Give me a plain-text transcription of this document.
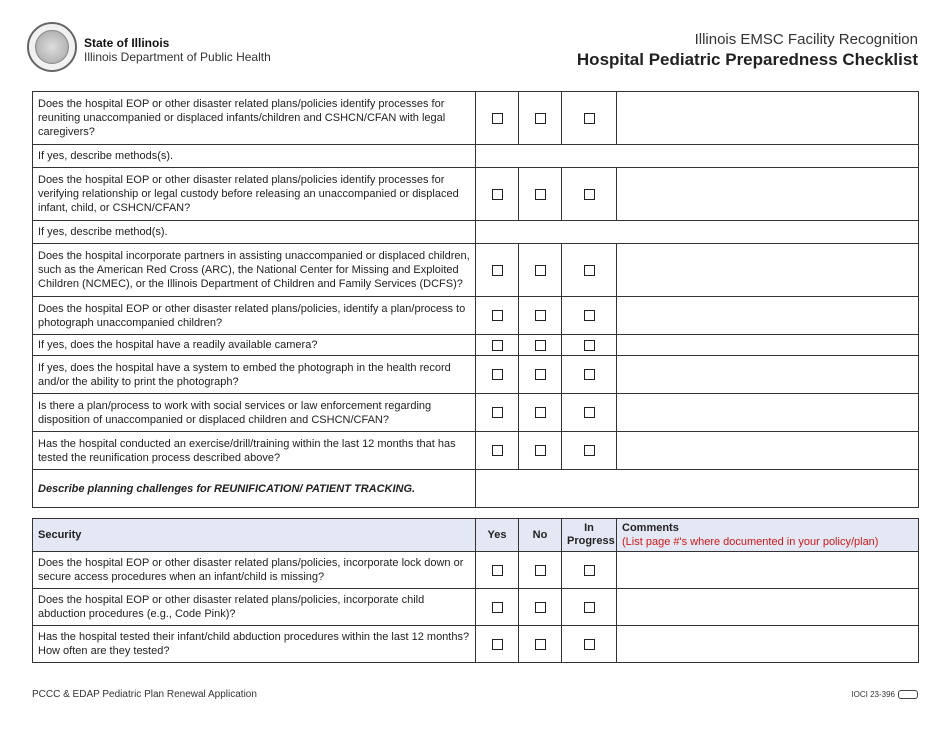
State of Illinois
Illinois Department of Public Health
Illinois EMSC Facility Recognition
Hospital Pediatric Preparedness Checklist
Does the hospital EOP or other disaster related plans/policies identify processes for reuniting unaccompanied or displaced infants/children and CSHCN/CFAN with legal caregivers?				
If yes, describe methods(s).				
Does the hospital EOP or other disaster related plans/policies identify processes for verifying relationship or legal custody before releasing an unaccompanied or displaced infant, child, or CSHCN/CFAN?				
If yes, describe method(s).				
Does the hospital incorporate partners in assisting unaccompanied or displaced children, such as the American Red Cross (ARC), the National Center for Missing and Exploited Children (NCMEC), or the Illinois Department of Children and Family Services (DCFS)?				
Does the hospital EOP or other disaster related plans/policies, identify a plan/process to photograph unaccompanied children?				
If yes, does the hospital have a readily available camera?				
If yes, does the hospital have a system to embed the photograph in the health record and/or the ability to print the photograph?				
Is there a plan/process to work with social services or law enforcement regarding disposition of unaccompanied or displaced children and CSHCN/CFAN?				
Has the hospital conducted an exercise/drill/training within the last 12 months that has tested the reunification process described above?				
Describe planning challenges for REUNIFICATION/ PATIENT TRACKING.				
Security	Yes	No	In Progress	Comments
(List page #'s where documented in your policy/plan)

Does the hospital EOP or other disaster related plans/policies, incorporate lock down or secure access procedures when an infant/child is missing?				
Does the hospital EOP or other disaster related plans/policies, incorporate child abduction procedures (e.g., Code Pink)?				
Has the hospital tested their infant/child abduction procedures within the last 12 months? How often are they tested?				
PCCC & EDAP Pediatric Plan Renewal Application	IOCI 23-396
